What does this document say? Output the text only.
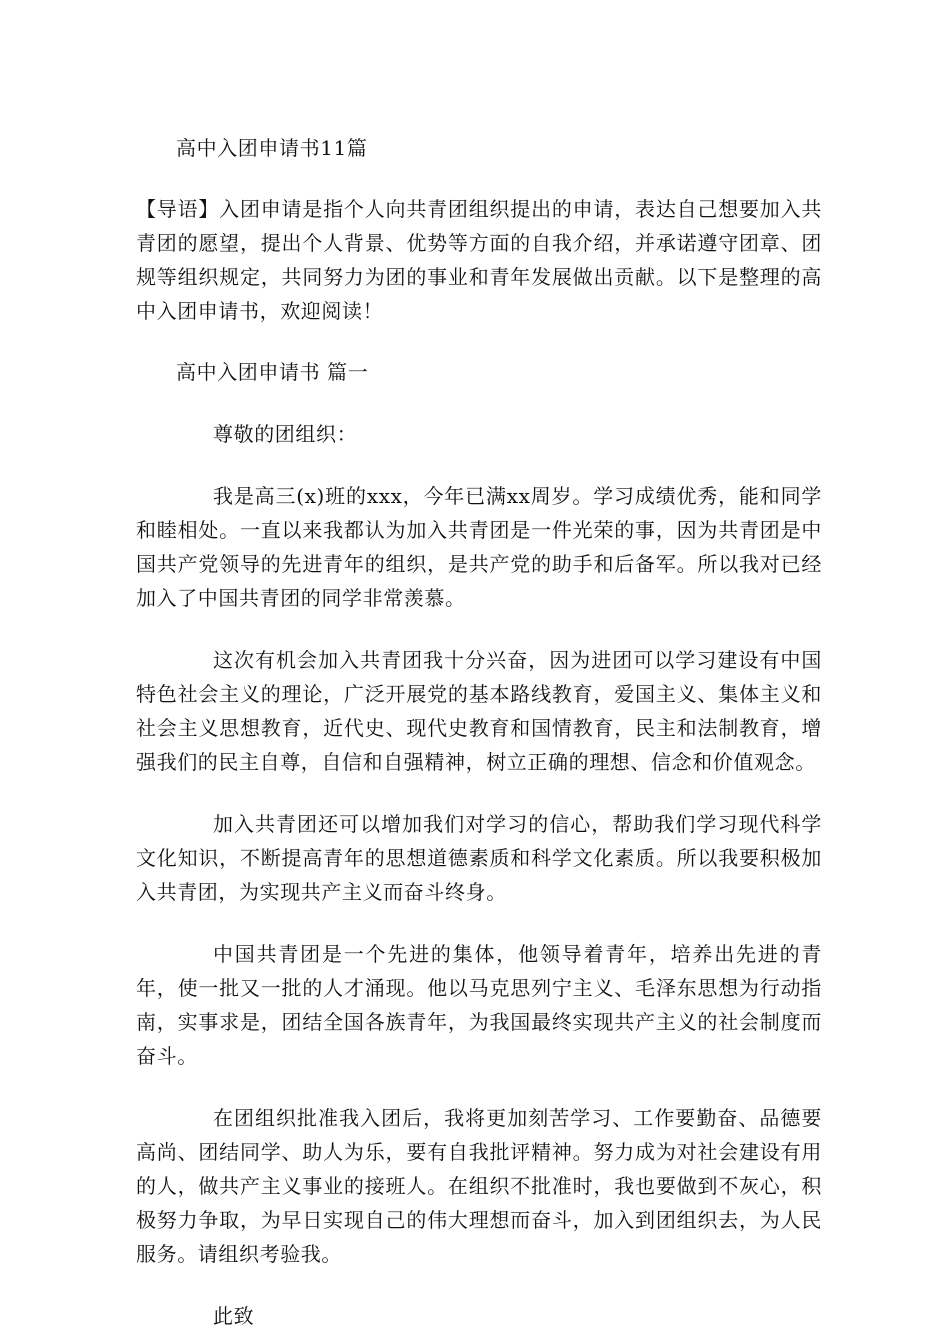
高中入团申请书11篇

【导语】入团申请是指个人向共青团组织提出的申请，表达自己想要加入共青团的愿望，提出个人背景、优势等方面的自我介绍，并承诺遵守团章、团规等组织规定，共同努力为团的事业和青年发展做出贡献。以下是整理的高中入团申请书，欢迎阅读！

高中入团申请书 篇一

尊敬的团组织：

我是高三(x)班的xxx，今年已满xx周岁。学习成绩优秀，能和同学和睦相处。一直以来我都认为加入共青团是一件光荣的事，因为共青团是中国共产党领导的先进青年的组织，是共产党的助手和后备军。所以我对已经加入了中国共青团的同学非常羡慕。

这次有机会加入共青团我十分兴奋，因为进团可以学习建设有中国特色社会主义的理论，广泛开展党的基本路线教育，爱国主义、集体主义和社会主义思想教育，近代史、现代史教育和国情教育，民主和法制教育，增强我们的民主自尊，自信和自强精神，树立正确的理想、信念和价值观念。

加入共青团还可以增加我们对学习的信心，帮助我们学习现代科学文化知识，不断提高青年的思想道德素质和科学文化素质。所以我要积极加入共青团，为实现共产主义而奋斗终身。

中国共青团是一个先进的集体，他领导着青年，培养出先进的青年，使一批又一批的人才涌现。他以马克思列宁主义、毛泽东思想为行动指南，实事求是，团结全国各族青年，为我国最终实现共产主义的社会制度而奋斗。

在团组织批准我入团后，我将更加刻苦学习、工作要勤奋、品德要高尚、团结同学、助人为乐，要有自我批评精神。努力成为对社会建设有用的人，做共产主义事业的接班人。在组织不批准时，我也要做到不灰心，积极努力争取，为早日实现自己的伟大理想而奋斗，加入到团组织去，为人民服务。请组织考验我。

此致
